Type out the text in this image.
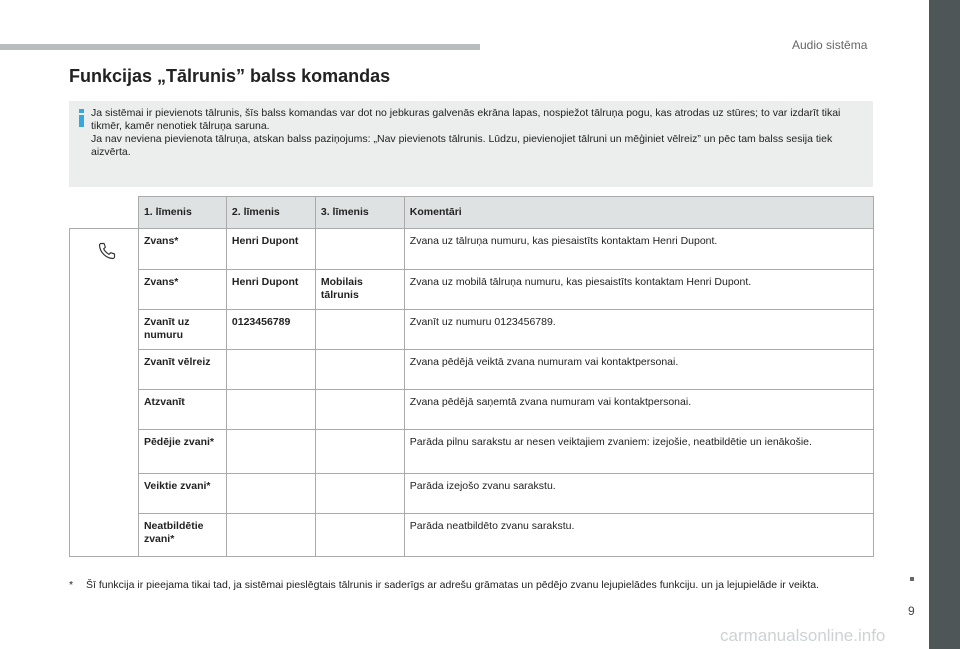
Audio sistēma
Funkcijas „Tālrunis” balss komandas

Ja sistēmai ir pievienots tālrunis, šīs balss komandas var dot no jebkuras galvenās ekrāna lapas, nospiežot tālruņa pogu, kas atrodas uz stūres; to var izdarīt tikai tikmēr, kamēr nenotiek tālruņa saruna.

Ja nav neviena pievienota tālruņa, atskan balss paziņojums: „Nav pievienots tālrunis. Lūdzu, pievienojiet tālruni un mēģiniet vēlreiz” un pēc tam balss sesija tiek aizvērta.

	1. līmenis	2. līmenis	3. līmenis	Komentāri

	Zvans*	Henri Dupont		Zvana uz tālruņa numuru, kas piesaistīts kontaktam Henri Dupont.
	Zvans*	Henri Dupont	Mobilais tālrunis	Zvana uz mobilā tālruņa numuru, kas piesaistīts kontaktam Henri Dupont.
	Zvanīt uz numuru	0123456789		Zvanīt uz numuru 0123456789.
	Zvanīt vēlreiz			Zvana pēdējā veiktā zvana numuram vai kontaktpersonai.
	Atzvanīt			Zvana pēdējā saņemtā zvana numuram vai kontaktpersonai.
	Pēdējie zvani*			Parāda pilnu sarakstu ar nesen veiktajiem zvaniem: izejošie, neatbildētie un ienākošie.
	Veiktie zvani*			Parāda izejošo zvanu sarakstu.
	Neatbildētie zvani*			Parāda neatbildēto zvanu sarakstu.
* Šī funkcija ir pieejama tikai tad, ja sistēmai pieslēgtais tālrunis ir saderīgs ar adrešu grāmatas un pēdējo zvanu lejupielādes funkciju. un ja lejupielāde ir veikta.
9
carmanualsonline.info
